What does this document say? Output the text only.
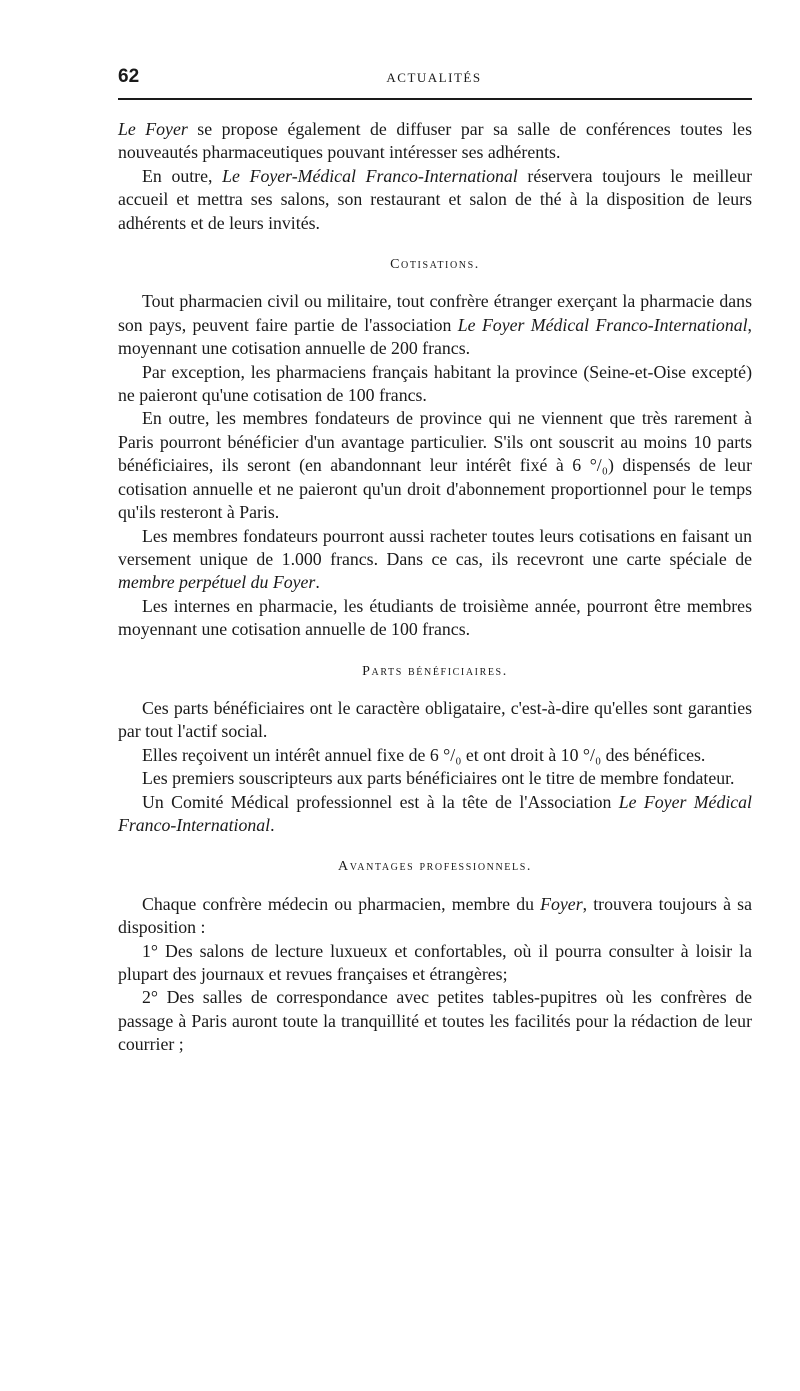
62	ACTUALITÉS

Le Foyer se propose également de diffuser par sa salle de conférences toutes les nouveautés pharmaceutiques pouvant intéresser ses adhérents.

En outre, Le Foyer-Médical Franco-International réservera toujours le meilleur accueil et mettra ses salons, son restaurant et salon de thé à la disposition de leurs adhérents et de leurs invités.

Cotisations.

Tout pharmacien civil ou militaire, tout confrère étranger exerçant la pharmacie dans son pays, peuvent faire partie de l'association Le Foyer Médical Franco-International, moyennant une cotisation annuelle de 200 francs.

Par exception, les pharmaciens français habitant la province (Seine-et-Oise excepté) ne paieront qu'une cotisation de 100 francs.

En outre, les membres fondateurs de province qui ne viennent que très rarement à Paris pourront bénéficier d'un avantage particulier. S'ils ont souscrit au moins 10 parts bénéficiaires, ils seront (en abandonnant leur intérêt fixé à 6 °/₀) dispensés de leur cotisation annuelle et ne paieront qu'un droit d'abonnement proportionnel pour le temps qu'ils resteront à Paris.

Les membres fondateurs pourront aussi racheter toutes leurs cotisations en faisant un versement unique de 1.000 francs. Dans ce cas, ils recevront une carte spéciale de membre perpétuel du Foyer.

Les internes en pharmacie, les étudiants de troisième année, pourront être membres moyennant une cotisation annuelle de 100 francs.

Parts bénéficiaires.

Ces parts bénéficiaires ont le caractère obligataire, c'est-à-dire qu'elles sont garanties par tout l'actif social.

Elles reçoivent un intérêt annuel fixe de 6 °/₀ et ont droit à 10 °/₀ des bénéfices.

Les premiers souscripteurs aux parts bénéficiaires ont le titre de membre fondateur.

Un Comité Médical professionnel est à la tête de l'Association Le Foyer Médical Franco-International.

Avantages professionnels.

Chaque confrère médecin ou pharmacien, membre du Foyer, trouvera toujours à sa disposition :

1° Des salons de lecture luxueux et confortables, où il pourra consulter à loisir la plupart des journaux et revues françaises et étrangères;

2° Des salles de correspondance avec petites tables-pupitres où les confrères de passage à Paris auront toute la tranquillité et toutes les facilités pour la rédaction de leur courrier ;
